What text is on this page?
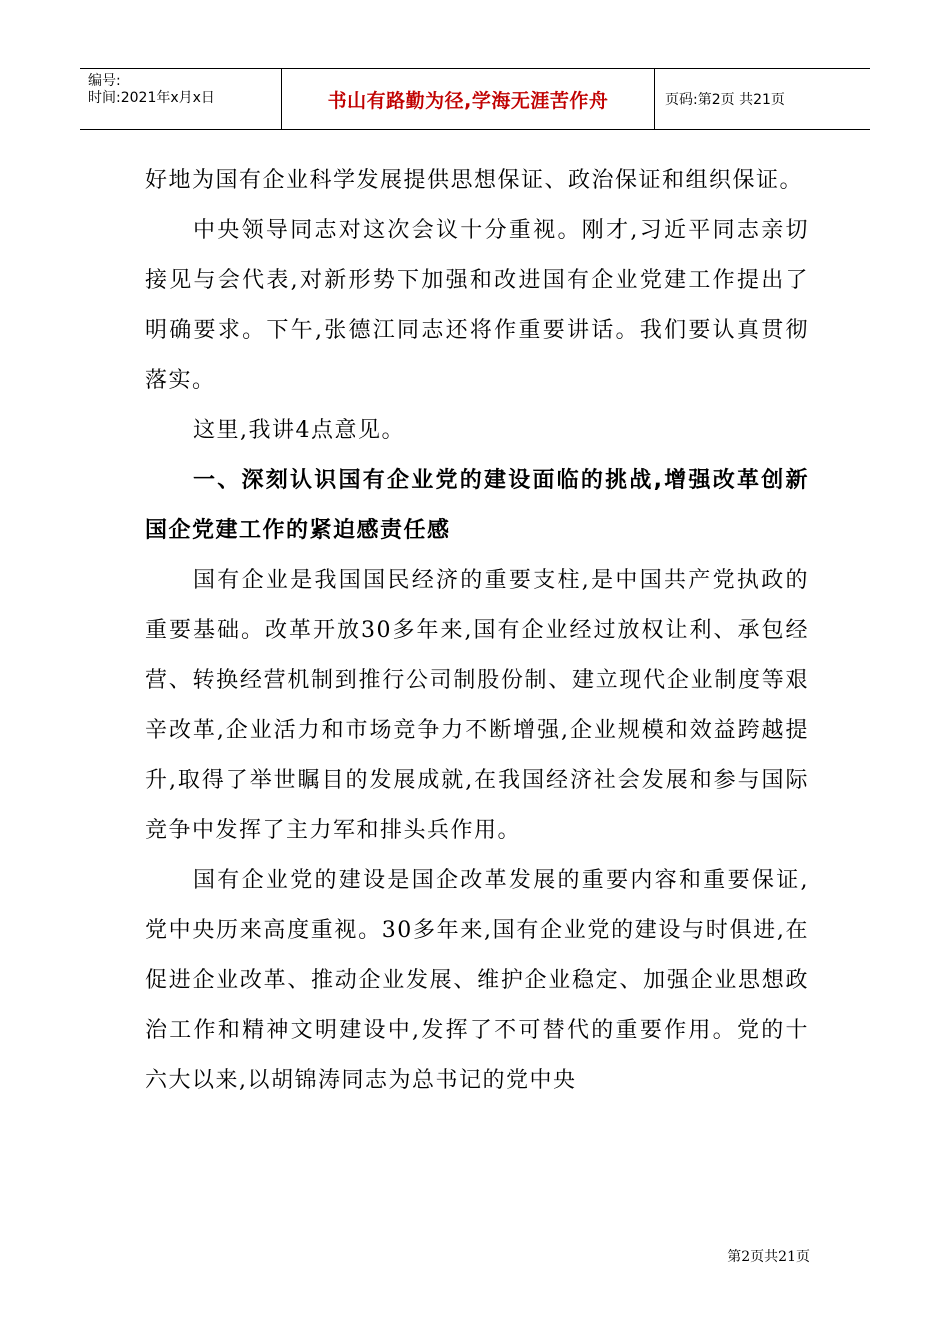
编号:
时间:2021年x月x日	书山有路勤为径,学海无涯苦作舟	页码:第2页 共21页

好地为国有企业科学发展提供思想保证、政治保证和组织保证。

中央领导同志对这次会议十分重视。刚才,习近平同志亲切接见与会代表,对新形势下加强和改进国有企业党建工作提出了明确要求。下午,张德江同志还将作重要讲话。我们要认真贯彻落实。

这里,我讲4点意见。

一、深刻认识国有企业党的建设面临的挑战,增强改革创新国企党建工作的紧迫感责任感

国有企业是我国国民经济的重要支柱,是中国共产党执政的重要基础。改革开放30多年来,国有企业经过放权让利、承包经营、转换经营机制到推行公司制股份制、建立现代企业制度等艰辛改革,企业活力和市场竞争力不断增强,企业规模和效益跨越提升,取得了举世瞩目的发展成就,在我国经济社会发展和参与国际竞争中发挥了主力军和排头兵作用。

国有企业党的建设是国企改革发展的重要内容和重要保证,党中央历来高度重视。30多年来,国有企业党的建设与时俱进,在促进企业改革、推动企业发展、维护企业稳定、加强企业思想政治工作和精神文明建设中,发挥了不可替代的重要作用。党的十六大以来,以胡锦涛同志为总书记的党中央

第2页共21页
